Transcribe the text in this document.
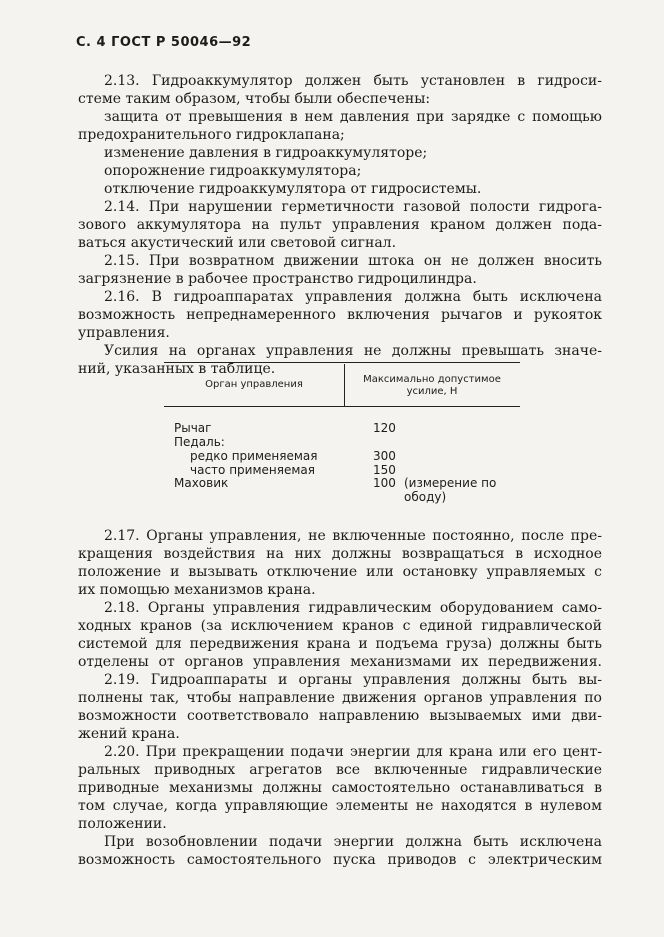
С. 4 ГОСТ Р 50046—92
2.13. Гидроаккумулятор должен быть установлен в гидроси-
стеме таким образом, чтобы были обеспечены:
защита от превышения в нем давления при зарядке с помощью
предохранительного гидроклапана;
изменение давления в гидроаккумуляторе;
опорожнение гидроаккумулятора;
отключение гидроаккумулятора от гидросистемы.
2.14. При нарушении герметичности газовой полости гидрога-
зового аккумулятора на пульт управления краном должен пода-
ваться акустический или световой сигнал.
2.15. При возвратном движении штока он не должен вносить
загрязнение в рабочее пространство гидроцилиндра.
2.16. В гидроаппаратах управления должна быть исключена
возможность непреднамеренного включения рычагов и рукояток
управления.
Усилия на органах управления не должны превышать значе-
ний, указанных в таблице.
Орган управления	Максимально допустимое
усилие, Н
Рычаг	120
Педаль:
редко применяемая	300
часто применяемая	150
Маховик	100 (измерение по
ободу)
2.17. Органы управления, не включенные постоянно, после пре-
кращения воздействия на них должны возвращаться в исходное
положение и вызывать отключение или остановку управляемых с
их помощью механизмов крана.
2.18. Органы управления гидравлическим оборудованием само-
ходных кранов (за исключением кранов с единой гидравлической
системой для передвижения крана и подъема груза) должны быть
отделены от органов управления механизмами их передвижения.
2.19. Гидроаппараты и органы управления должны быть вы-
полнены так, чтобы направление движения органов управления по
возможности соответствовало направлению вызываемых ими дви-
жений крана.
2.20. При прекращении подачи энергии для крана или его цент-
ральных приводных агрегатов все включенные гидравлические
приводные механизмы должны самостоятельно останавливаться в
том случае, когда управляющие элементы не находятся в нулевом
положении.
При возобновлении подачи энергии должна быть исключена
возможность самостоятельного пуска приводов с электрическим
